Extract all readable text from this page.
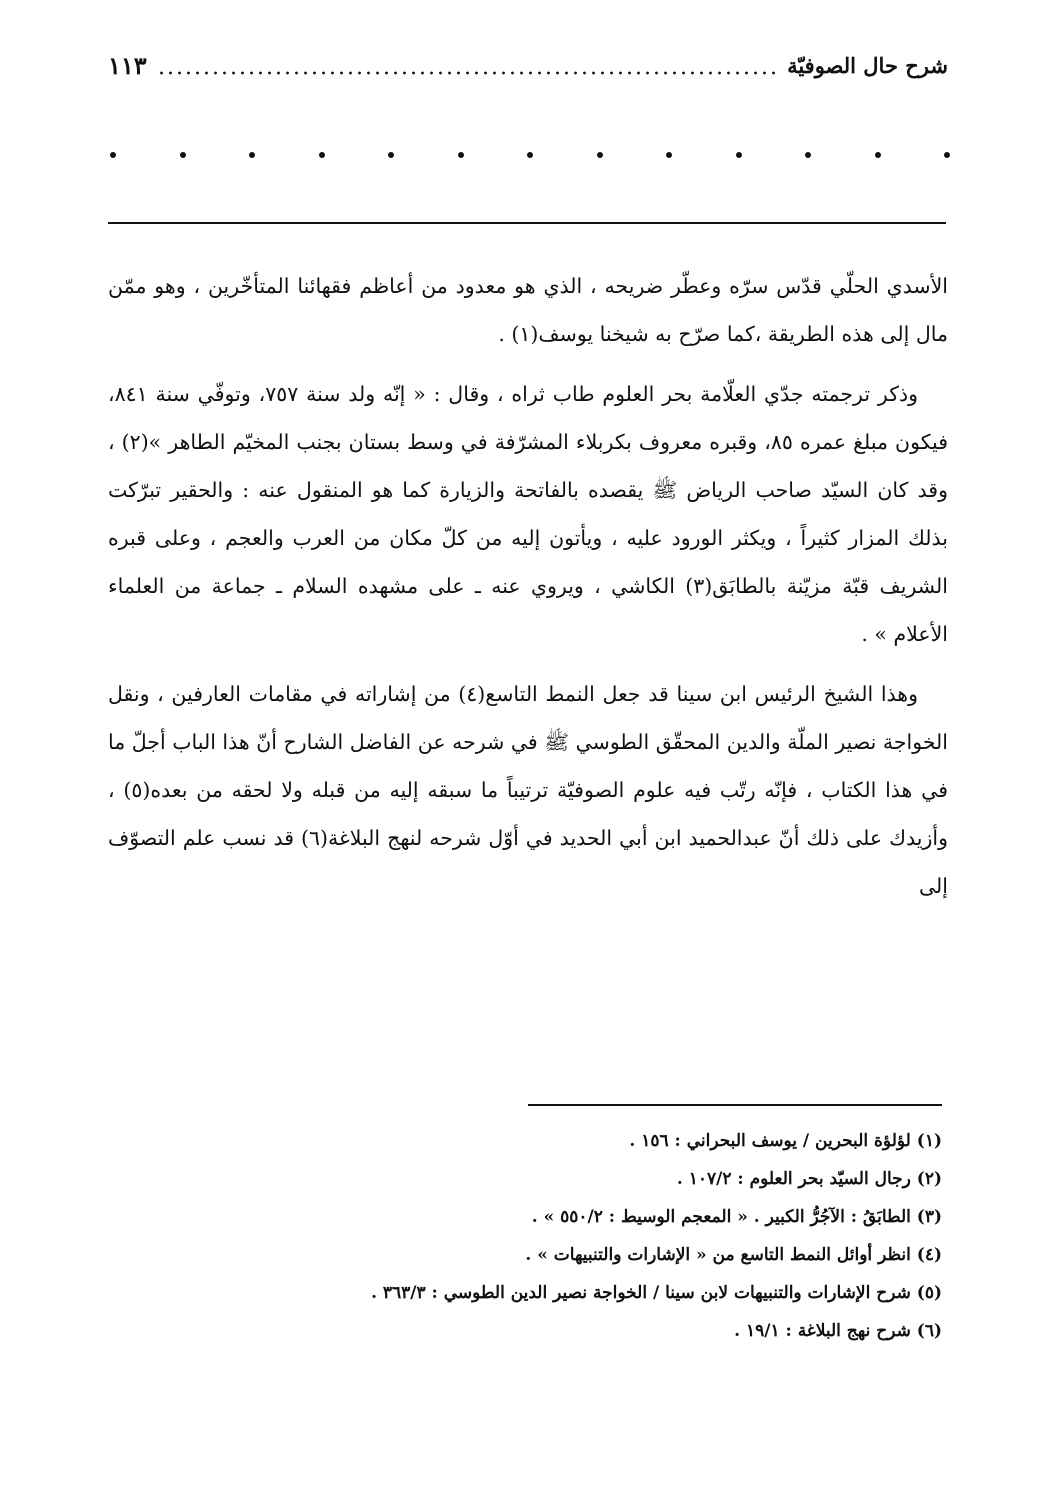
شرح حال الصوفيّة
١١٣

الأسدي الحلّي قدّس سرّه وعطّر ضريحه ، الذي هو معدود من أعاظم فقهائنا المتأخّرين ، وهو ممّن مال إلى هذه الطريقة ،كما صرّح به شيخنا يوسف(١) .

وذكر ترجمته جدّي العلّامة بحر العلوم طاب ثراه ، وقال : « إنّه ولد سنة ٧٥٧، وتوفّي سنة ٨٤١، فيكون مبلغ عمره ٨٥، وقبره معروف بكربلاء المشرّفة في وسط بستان بجنب المخيّم الطاهر »(٢) ، وقد كان السيّد صاحب الرياض ﷺ يقصده بالفاتحة والزيارة كما هو المنقول عنه : والحقير تبرّكت بذلك المزار كثيراً ، ويكثر الورود عليه ، ويأتون إليه من كلّ مكان من العرب والعجم ، وعلى قبره الشريف قبّة مزيّنة بالطابَق(٣) الكاشي ، ويروي عنه ـ على مشهده السلام ـ جماعة من العلماء الأعلام » .

وهذا الشيخ الرئيس ابن سينا قد جعل النمط التاسع(٤) من إشاراته في مقامات العارفين ، ونقل الخواجة نصير الملّة والدين المحقّق الطوسي ﷺ في شرحه عن الفاضل الشارح أنّ هذا الباب أجلّ ما في هذا الكتاب ، فإنّه رتّب فيه علوم الصوفيّة ترتيباً ما سبقه إليه من قبله ولا لحقه من بعده(٥) ، وأزيدك على ذلك أنّ عبدالحميد ابن أبي الحديد في أوّل شرحه لنهج البلاغة(٦) قد نسب علم التصوّف إلى

(١) لؤلؤة البحرين / يوسف البحراني : ١٥٦ .

(٢) رجال السيّد بحر العلوم : ١٠٧/٢ .

(٣) الطابَقُ : الآجُرُّ الكبير . « المعجم الوسيط : ٥٥٠/٢ » .

(٤) انظر أوائل النمط التاسع من « الإشارات والتنبيهات » .

(٥) شرح الإشارات والتنبيهات لابن سينا / الخواجة نصير الدين الطوسي : ٣٦٣/٣ .

(٦) شرح نهج البلاغة : ١٩/١ .
